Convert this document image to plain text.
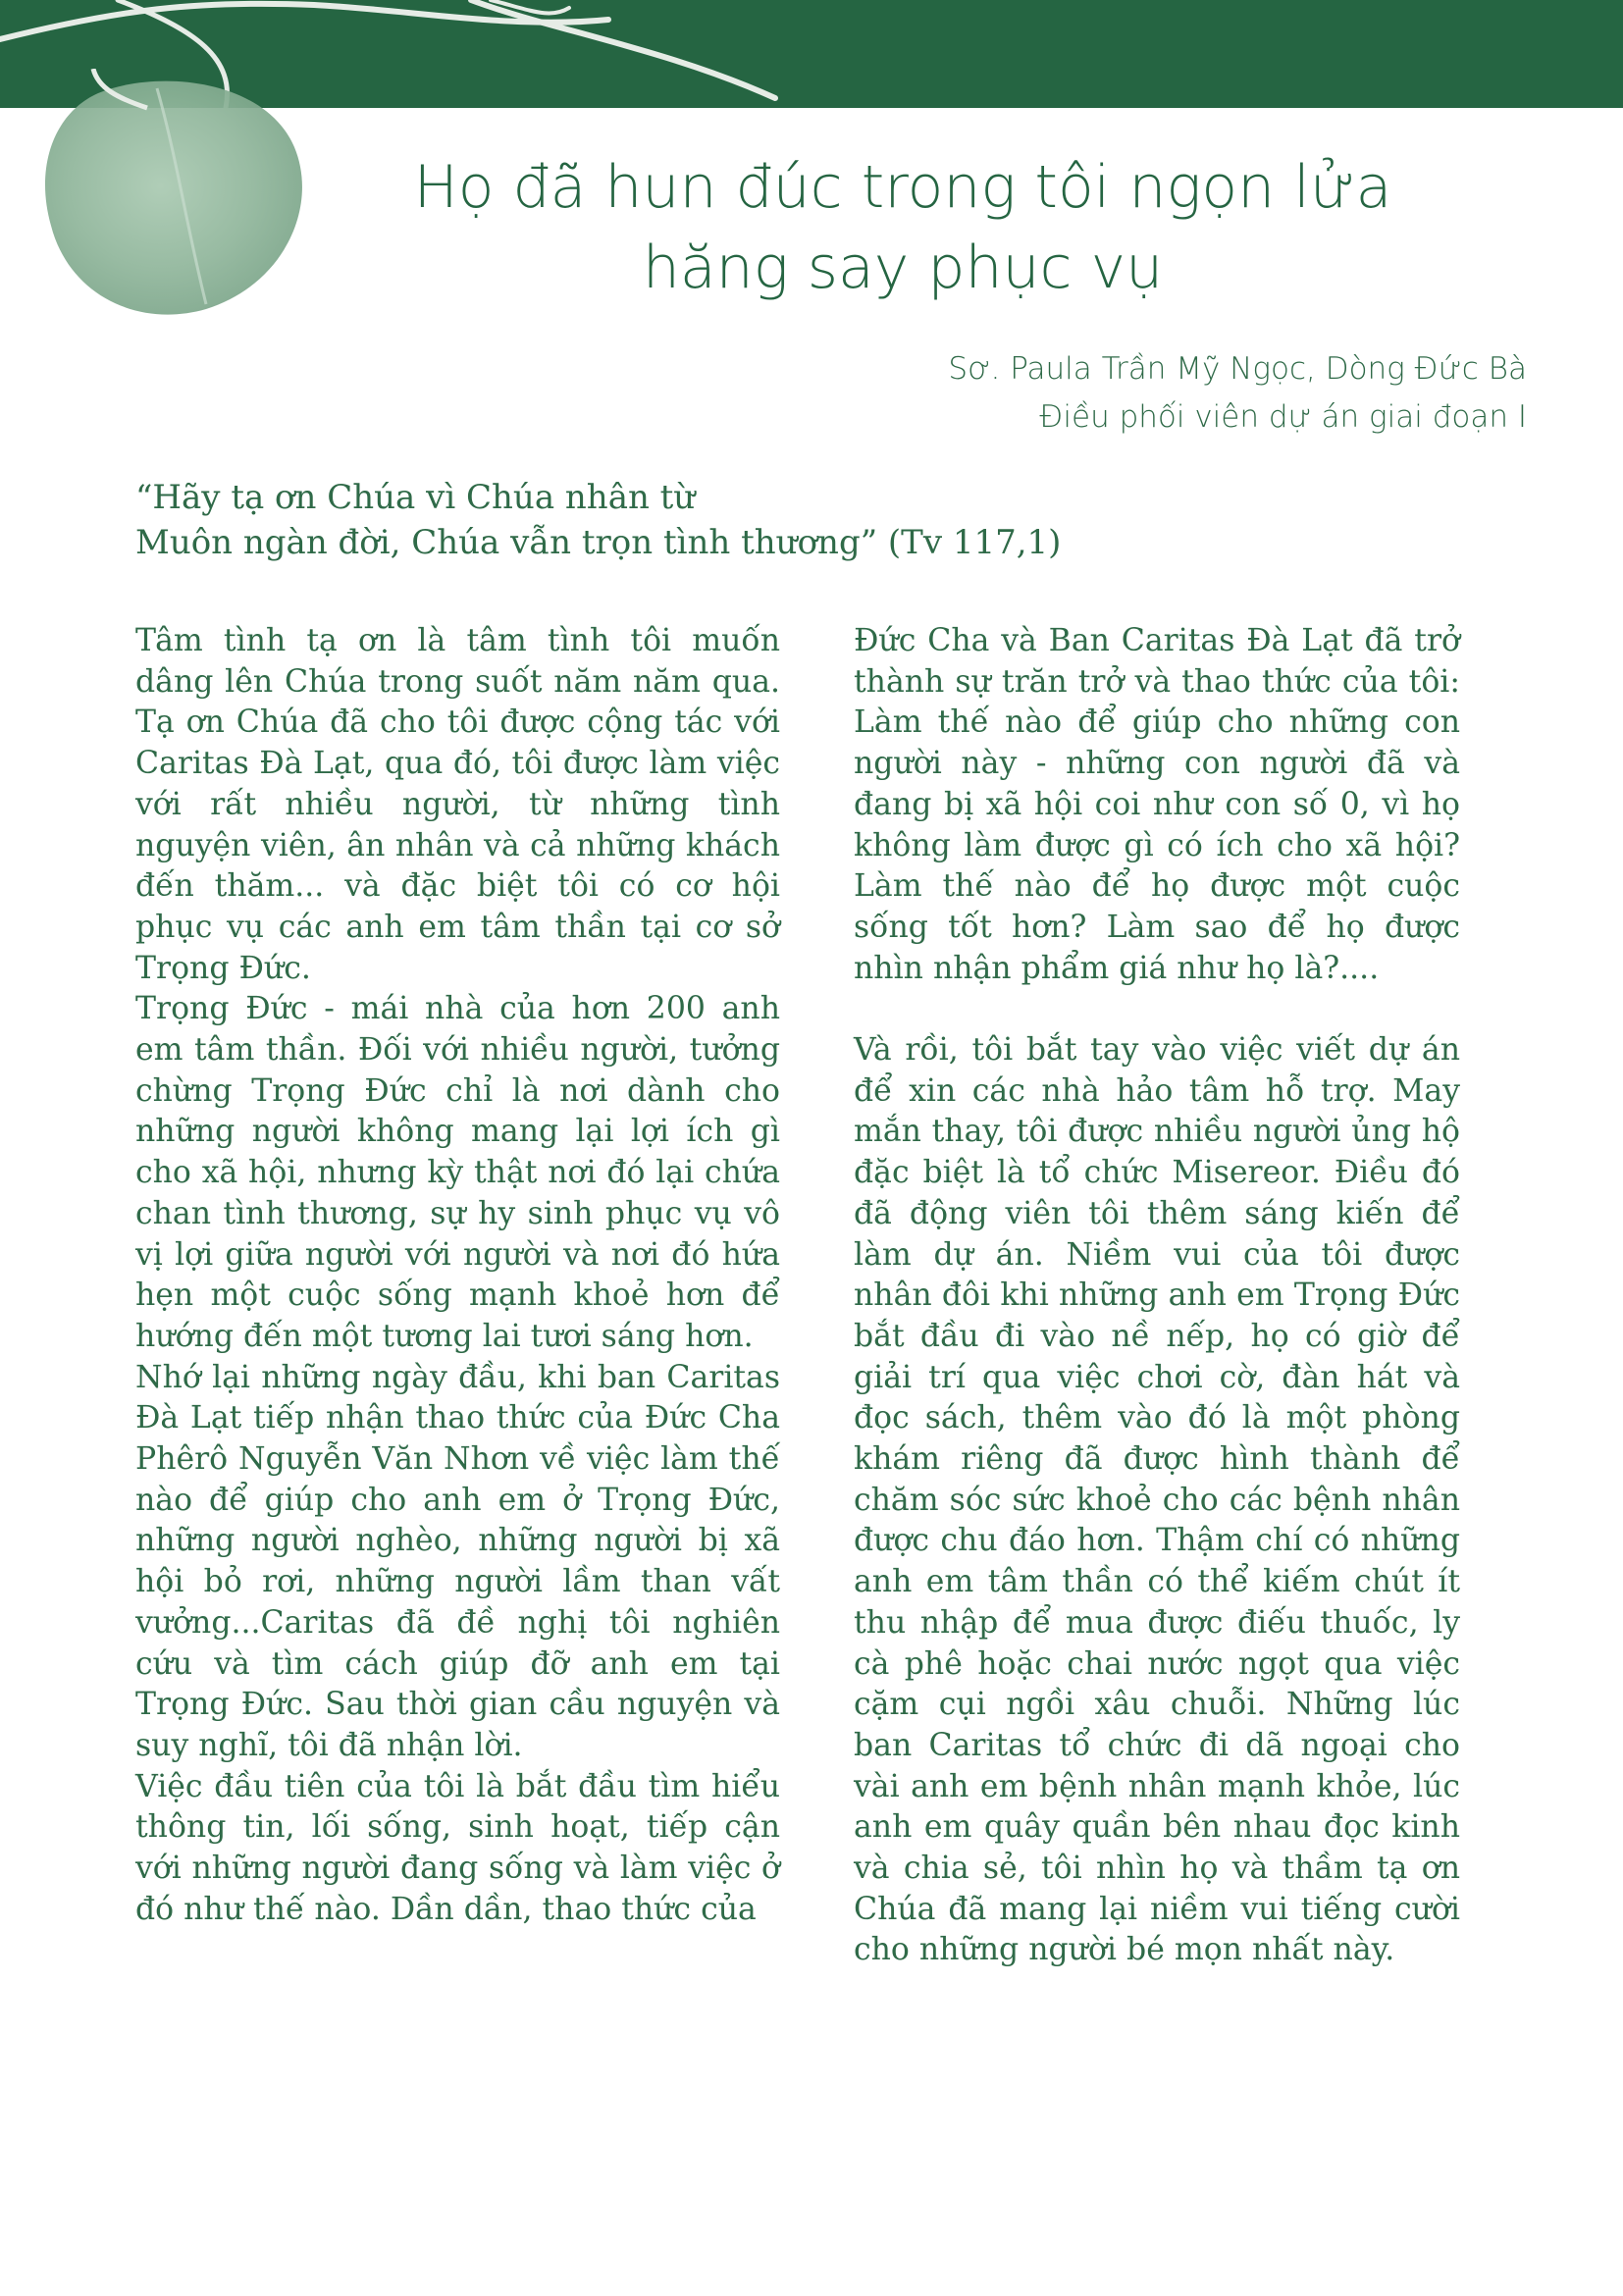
Họ đã hun đúc trong tôi ngọn lửa
hăng say phục vụ
Sơ. Paula Trần Mỹ Ngọc, Dòng Đức Bà
Điều phối viên dự án giai đoạn I
“Hãy tạ ơn Chúa vì Chúa nhân từ
Muôn ngàn đời, Chúa vẫn trọn tình thương” (Tv 117,1)

Tâm tình tạ ơn là tâm tình tôi muốn dâng lên Chúa trong suốt năm năm qua. Tạ ơn Chúa đã cho tôi được cộng tác với Caritas Đà Lạt, qua đó, tôi được làm việc với rất nhiều người, từ những tình nguyện viên, ân nhân và cả những khách đến thăm... và đặc biệt tôi có cơ hội phục vụ các anh em tâm thần tại cơ sở Trọng Đức.

Trọng Đức - mái nhà của hơn 200 anh em tâm thần. Đối với nhiều người, tưởng chừng Trọng Đức chỉ là nơi dành cho những người không mang lại lợi ích gì cho xã hội, nhưng kỳ thật nơi đó lại chứa chan tình thương, sự hy sinh phục vụ vô vị lợi giữa người với người và nơi đó hứa hẹn một cuộc sống mạnh khoẻ hơn để hướng đến một tương lai tươi sáng hơn.

Nhớ lại những ngày đầu, khi ban Caritas Đà Lạt tiếp nhận thao thức của Đức Cha Phêrô Nguyễn Văn Nhơn về việc làm thế nào để giúp cho anh em ở Trọng Đức, những người nghèo, những người bị xã hội bỏ rơi, những người lầm than vất vưởng...Caritas đã đề nghị tôi nghiên cứu và tìm cách giúp đỡ anh em tại Trọng Đức. Sau thời gian cầu nguyện và suy nghĩ, tôi đã nhận lời.

Việc đầu tiên của tôi là bắt đầu tìm hiểu thông tin, lối sống, sinh hoạt, tiếp cận với những người đang sống và làm việc ở đó như thế nào. Dần dần, thao thức của

Đức Cha và Ban Caritas Đà Lạt đã trở thành sự trăn trở và thao thức của tôi: Làm thế nào để giúp cho những con người này - những con người đã và đang bị xã hội coi như con số 0, vì họ không làm được gì có ích cho xã hội? Làm thế nào để họ được một cuộc sống tốt hơn? Làm sao để họ được nhìn nhận phẩm giá như họ là?....

Và rồi, tôi bắt tay vào việc viết dự án để xin các nhà hảo tâm hỗ trợ. May mắn thay, tôi được nhiều người ủng hộ đặc biệt là tổ chức Misereor. Điều đó đã động viên tôi thêm sáng kiến để làm dự án. Niềm vui của tôi được nhân đôi khi những anh em Trọng Đức bắt đầu đi vào nề nếp, họ có giờ để giải trí qua việc chơi cờ, đàn hát và đọc sách, thêm vào đó là một phòng khám riêng đã được hình thành để chăm sóc sức khoẻ cho các bệnh nhân được chu đáo hơn. Thậm chí có những anh em tâm thần có thể kiếm chút ít thu nhập để mua được điếu thuốc, ly cà phê hoặc chai nước ngọt qua việc cặm cụi ngồi xâu chuỗi. Những lúc ban Caritas tổ chức đi dã ngoại cho vài anh em bệnh nhân mạnh khỏe, lúc anh em quây quần bên nhau đọc kinh và chia sẻ, tôi nhìn họ và thầm tạ ơn Chúa đã mang lại niềm vui tiếng cười cho những người bé mọn nhất này.
